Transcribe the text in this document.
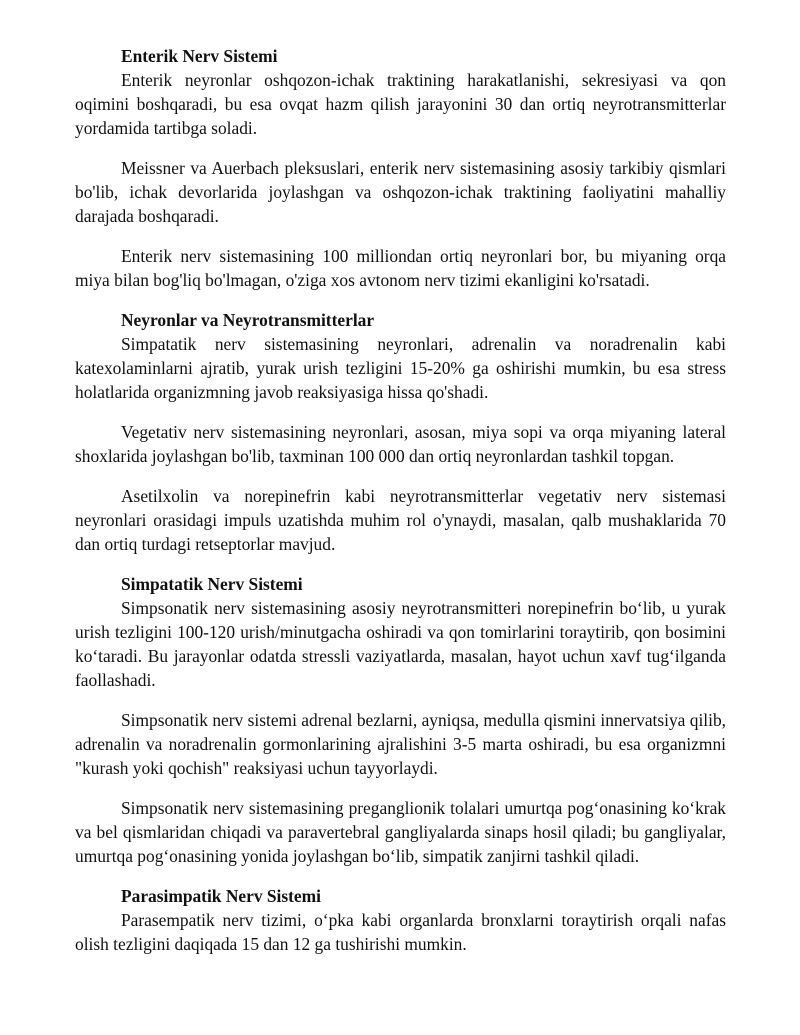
Enterik Nerv Sistemi

Enterik neyronlar oshqozon-ichak traktining harakatlanishi, sekresiyasi va qon oqimini boshqaradi, bu esa ovqat hazm qilish jarayonini 30 dan ortiq neyrotransmitterlar yordamida tartibga soladi.

Meissner va Auerbach pleksuslari, enterik nerv sistemasining asosiy tarkibiy qismlari bo'lib, ichak devorlarida joylashgan va oshqozon-ichak traktining faoliyatini mahalliy darajada boshqaradi.

Enterik nerv sistemasining 100 milliondan ortiq neyronlari bor, bu miyaning orqa miya bilan bog'liq bo'lmagan, o'ziga xos avtonom nerv tizimi ekanligini ko'rsatadi.

Neyronlar va Neyrotransmitterlar

Simpatatik nerv sistemasining neyronlari, adrenalin va noradrenalin kabi katexolaminlarni ajratib, yurak urish tezligini 15-20% ga oshirishi mumkin, bu esa stress holatlarida organizmning javob reaksiyasiga hissa qo'shadi.

Vegetativ nerv sistemasining neyronlari, asosan, miya sopi va orqa miyaning lateral shoxlarida joylashgan bo'lib, taxminan 100 000 dan ortiq neyronlardan tashkil topgan.

Asetilxolin va norepinefrin kabi neyrotransmitterlar vegetativ nerv sistemasi neyronlari orasidagi impuls uzatishda muhim rol o'ynaydi, masalan, qalb mushaklarida 70 dan ortiq turdagi retseptorlar mavjud.

Simpatatik Nerv Sistemi

Simpsonatik nerv sistemasining asosiy neyrotransmitteri norepinefrin bo‘lib, u yurak urish tezligini 100-120 urish/minutgacha oshiradi va qon tomirlarini toraytirib, qon bosimini ko‘taradi. Bu jarayonlar odatda stressli vaziyatlarda, masalan, hayot uchun xavf tug‘ilganda faollashadi.

Simpsonatik nerv sistemi adrenal bezlarni, ayniqsa, medulla qismini innervatsiya qilib, adrenalin va noradrenalin gormonlarining ajralishini 3-5 marta oshiradi, bu esa organizmni "kurash yoki qochish" reaksiyasi uchun tayyorlaydi.

Simpsonatik nerv sistemasining preganglionik tolalari umurtqa pog‘onasining ko‘krak va bel qismlaridan chiqadi va paravertebral gangliyalarda sinaps hosil qiladi; bu gangliyalar, umurtqa pog‘onasining yonida joylashgan bo‘lib, simpatik zanjirni tashkil qiladi.

Parasimpatik Nerv Sistemi

Parasempatik nerv tizimi, o‘pka kabi organlarda bronxlarni toraytirish orqali nafas olish tezligini daqiqada 15 dan 12 ga tushirishi mumkin.
